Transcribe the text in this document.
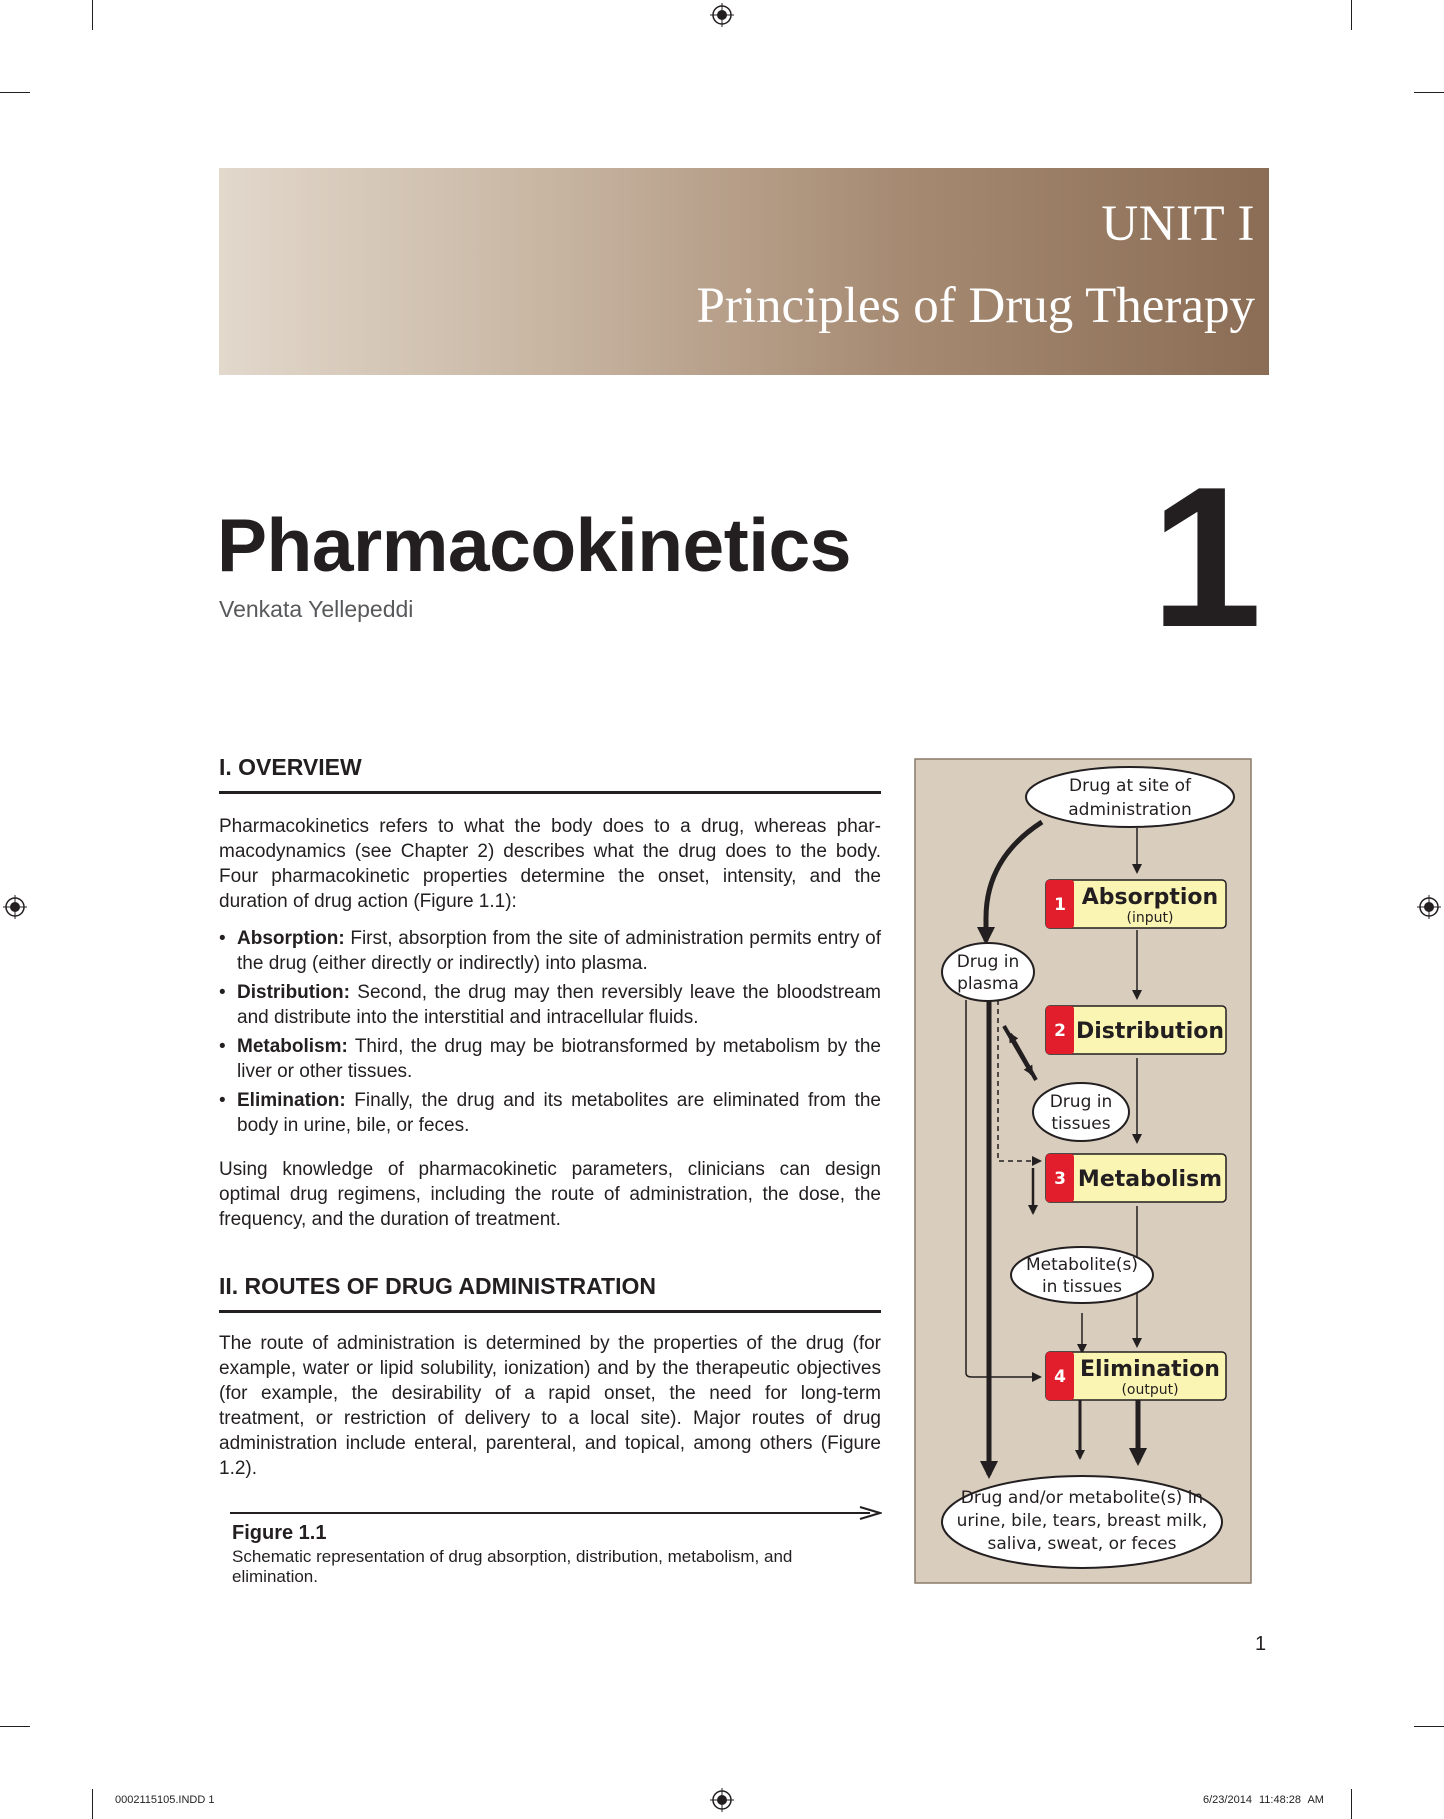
UNIT I
Principles of Drug Therapy
Pharmacokinetics
Venkata Yellepeddi	1
I. OVERVIEW

Pharmacokinetics refers to what the body does to a drug, whereas pharmacodynamics (see Chapter 2) describes what the drug does to the body. Four pharmacokinetic properties determine the onset, intensity, and the duration of drug action (Figure 1.1):

• Absorption: First, absorption from the site of administration permits entry of the drug (either directly or indirectly) into plasma.
• Distribution: Second, the drug may then reversibly leave the bloodstream and distribute into the interstitial and intracellular fluids.
• Metabolism: Third, the drug may be biotransformed by metabolism by the liver or other tissues.
• Elimination: Finally, the drug and its metabolites are eliminated from the body in urine, bile, or feces.

Using knowledge of pharmacokinetic parameters, clinicians can design optimal drug regimens, including the route of administration, the dose, the frequency, and the duration of treatment.

II. ROUTES OF DRUG ADMINISTRATION

The route of administration is determined by the properties of the drug (for example, water or lipid solubility, ionization) and by the therapeutic objectives (for example, the desirability of a rapid onset, the need for long-term treatment, or restriction of delivery to a local site). Major routes of drug administration include enteral, parenteral, and topical, among others (Figure 1.2).

Figure 1.1
Schematic representation of drug absorption, distribution, metabolism, and elimination.
Drug at site of
administration
Drug in
plasma
Drug in
tissues
Metabolite(s)
in tissues
1 Absorption
(input)
2 Distribution
3 Metabolism
4 Elimination
(output)
Drug and/or metabolite(s) in
urine, bile, tears, breast milk,
saliva, sweat, or feces
1
0002115105.INDD 1	6/23/2014 11:48:28 AM
